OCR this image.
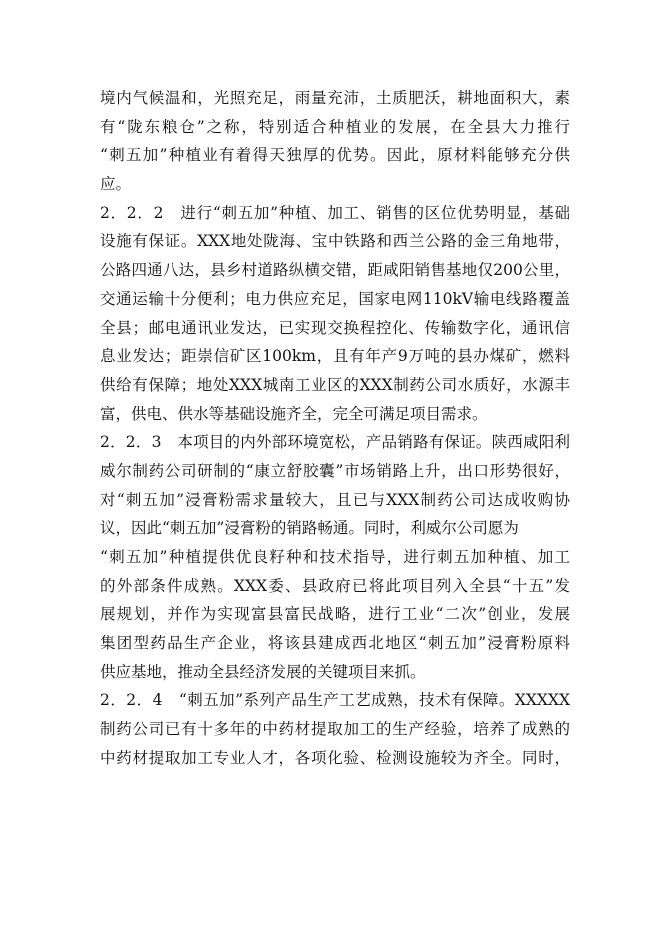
境内气候温和，光照充足，雨量充沛，土质肥沃，耕地面积大，素
有“陇东粮仓”之称，特别适合种植业的发展，在全县大力推行
“刺五加”种植业有着得天独厚的优势。因此，原材料能够充分供
应。
2．2．2　进行“刺五加”种植、加工、销售的区位优势明显，基础
设施有保证。XXX地处陇海、宝中铁路和西兰公路的金三角地带，
公路四通八达，县乡村道路纵横交错，距咸阳销售基地仅200公里，
交通运输十分便利；电力供应充足，国家电网110kV输电线路覆盖
全县；邮电通讯业发达，已实现交换程控化、传输数字化，通讯信
息业发达；距崇信矿区100km，且有年产9万吨的县办煤矿，燃料
供给有保障；地处XXX城南工业区的XXX制药公司水质好，水源丰
富，供电、供水等基础设施齐全，完全可满足项目需求。
2．2．3　本项目的内外部环境宽松，产品销路有保证。陕西咸阳利
威尔制药公司研制的“康立舒胶囊”市场销路上升，出口形势很好，
对“刺五加”浸膏粉需求量较大，且已与XXX制药公司达成收购协
议，因此“刺五加”浸膏粉的销路畅通。同时，利威尔公司愿为
“刺五加”种植提供优良籽种和技术指导，进行刺五加种植、加工
的外部条件成熟。XXX委、县政府已将此项目列入全县“十五”发
展规划，并作为实现富县富民战略，进行工业“二次”创业，发展
集团型药品生产企业，将该县建成西北地区“刺五加”浸膏粉原料
供应基地，推动全县经济发展的关键项目来抓。
2．2．4　“刺五加”系列产品生产工艺成熟，技术有保障。XXXXX
制药公司已有十多年的中药材提取加工的生产经验，培养了成熟的
中药材提取加工专业人才，各项化验、检测设施较为齐全。同时，
